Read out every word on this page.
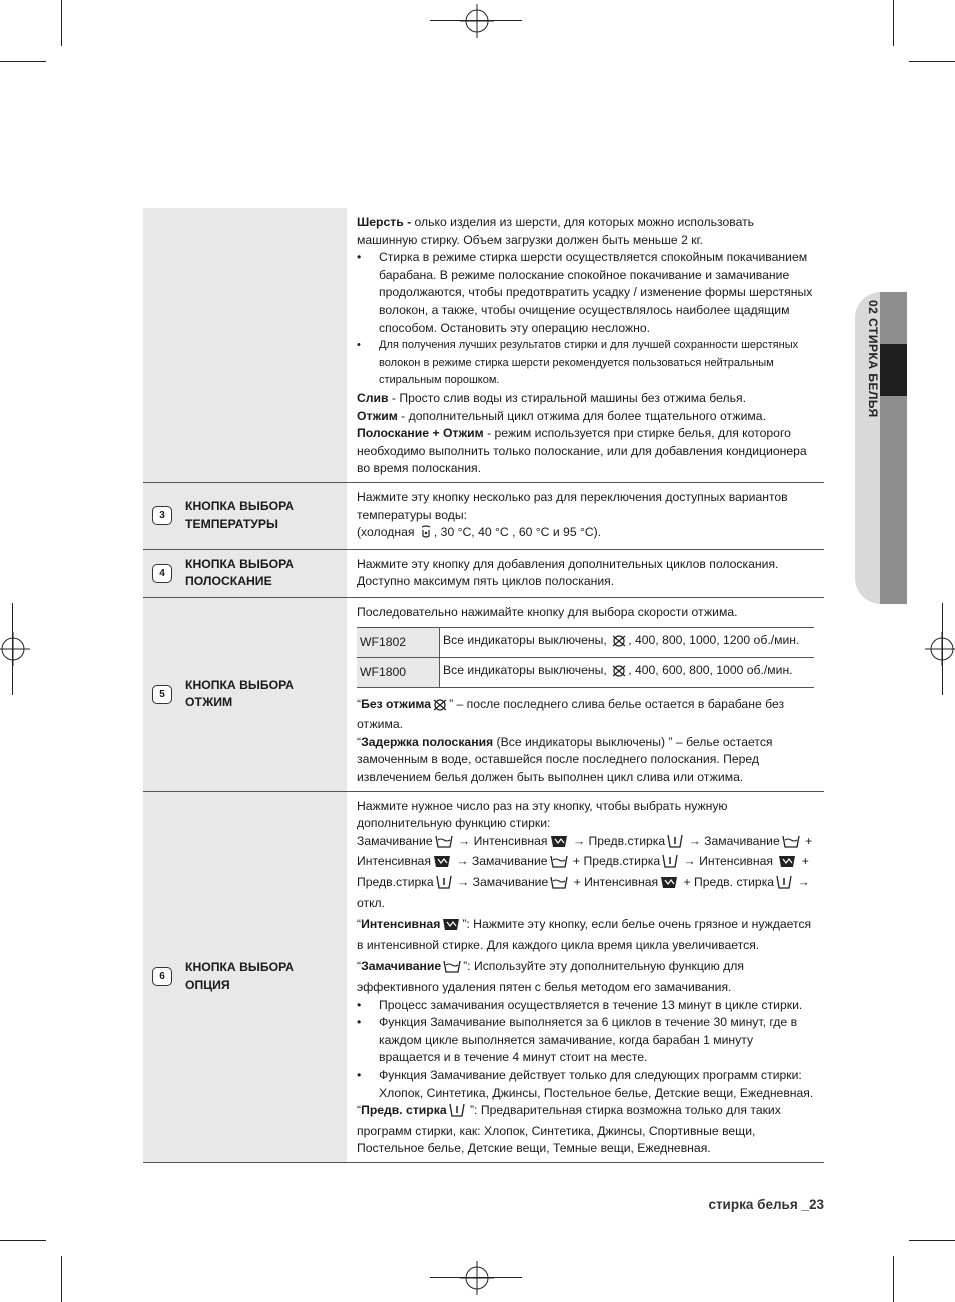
02 СТИРКА БЕЛЬЯ

Шерсть - олько изделия из шерсти, для которых можно использовать машинную стирку. Объем загрузки должен быть меньше 2 кг.

•	Стирка в режиме стирка шерсти осуществляется спокойным покачиванием барабана. В режиме полосканиe спокойное покачивание и замачивание продолжаются, чтобы предотвратить усадку / изменение формы шерстяных волокон, а также, чтобы очищение осуществлялось наиболее щадящим способом. Остановить эту операцию несложно.
•	Для получения лучших результатов стирки и для лучшей сохранности шерстяных волокон в режиме стирка шерсти рекомендуется пользоваться нейтральным стиральным порошком.

Слив - Просто слив воды из стиральной машины без отжима белья.

Отжим - дополнительный цикл отжима для более тщательного отжима.

Полоскание + Отжим - режим используется при стирке белья, для которого необходимо выполнить только полоскание, или для добавления кондиционера во время полоскания.

3
КНОПКА ВЫБОРА ТЕМПЕРАТУРЫ

Нажмите эту кнопку несколько раз для переключения доступных вариантов температуры воды:

(холодная , 30 °C, 40 °C , 60 °C и 95 °C).

4
КНОПКА ВЫБОРА ПОЛОСКАНИЕ

Нажмите эту кнопку для добавления дополнительных циклов полоскания. Доступно максимум пять циклов полоскания.

5
КНОПКА ВЫБОРА ОТЖИМ

Последовательно нажимайте кнопку для выбора скорости отжима.

WF1802	Все индикаторы выключены, , 400, 800, 1000, 1200 об./мин.
WF1800	Все индикаторы выключены, , 400, 600, 800, 1000 об./мин.

“Без отжима ” – после последнего слива белье остается в барабане без отжима.

“Задержка полоскания (Все индикаторы выключены) ” – белье остается замоченным в воде, оставшейся после последнего полоскания. Перед извлечением белья должен быть выполнен цикл слива или отжима.

6
КНОПКА ВЫБОРА ОПЦИЯ

Нажмите нужное число раз на эту кнопку, чтобы выбрать нужную дополнительную функцию стирки:

Замачивание → Интенсивная → Предв.стирка → Замачивание + Интенсивная → Замачивание + Предв.стирка → Интенсивная + Предв.стирка → Замачивание + Интенсивная + Предв. стирка → откл.

“Интенсивная ”: Нажмите эту кнопку, если белье очень грязное и нуждается в интенсивной стирке. Для каждого цикла время цикла увеличивается.

“Замачивание ”: Используйте эту дополнительную функцию для эффективного удаления пятен с белья методом его замачивания.

•	Процесс замачивания осуществляется в течение 13 минут в цикле стирки.
•	Функция Замачивание выполняется за 6 циклов в течение 30 минут, где в каждом цикле выполняется замачивание, когда барабан 1 минуту вращается и в течение 4 минут стоит на месте.
•	Функция Замачивание действует только для следующих программ стирки: Хлопок, Синтетика, Джинсы, Постельное белье, Детские вещи, Ежедневная.

“Предв. стирка ”: Предварительная стирка возможна только для таких программ стирки, как: Хлопок, Синтетика, Джинсы, Спортивные вещи, Постельное белье, Детские вещи, Темные вещи, Ежедневная.

стирка белья _23
